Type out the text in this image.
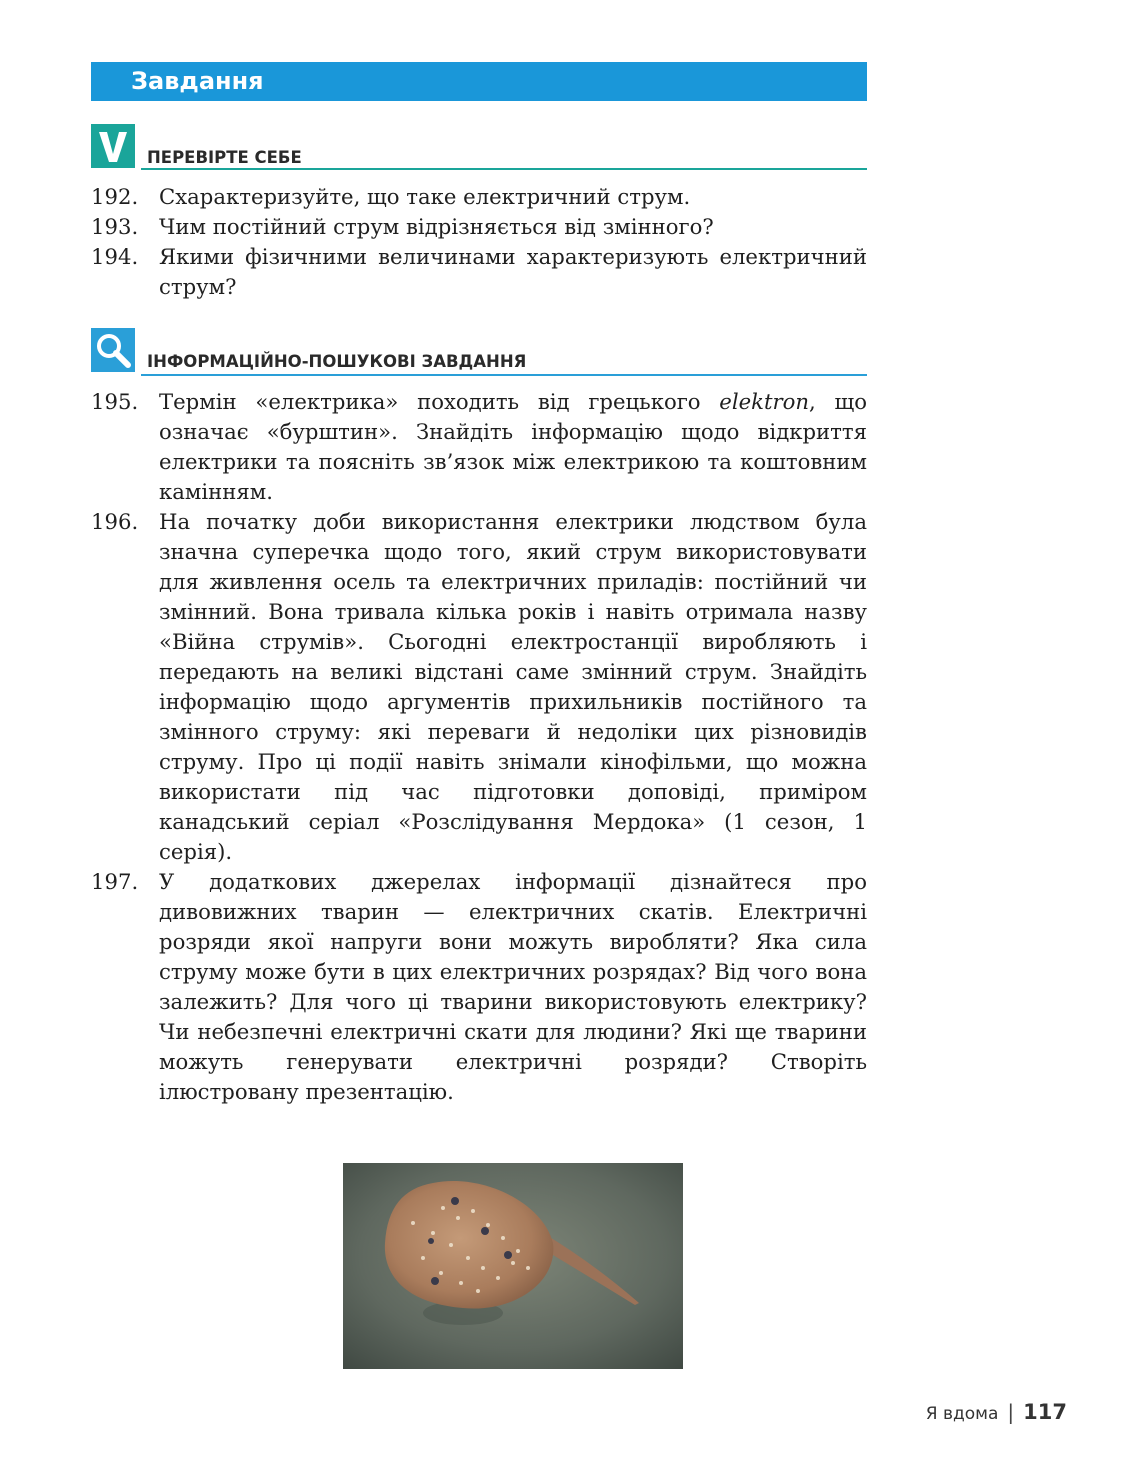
Завдання
ПЕРЕВІРТЕ СЕБЕ
192. Схарактеризуйте, що таке електричний струм.
193. Чим постійний струм відрізняється від змінного?
194. Якими фізичними величинами характеризують електричний струм?
ІНФОРМАЦІЙНО-ПОШУКОВІ ЗАВДАННЯ
195. Термін «електрика» походить від грецького elektron, що означає «бурштин». Знайдіть інформацію щодо відкриття електрики та поясніть зв’язок між електрикою та коштовним камінням.
196. На початку доби використання електрики людством була значна суперечка щодо того, який струм використовувати для живлення осель та електричних приладів: постійний чи змінний. Вона тривала кілька років і навіть отримала назву «Війна струмів». Сьогодні електростанції виробляють і передають на великі відстані саме змінний струм. Знайдіть інформацію щодо аргументів прихильників постійного та змінного струму: які переваги й недоліки цих різновидів струму. Про ці події навіть знімали кінофільми, що можна використати під час підготовки доповіді, приміром канадський серіал «Розслідування Мердока» (1 сезон, 1 серія).
197. У додаткових джерелах інформації дізнайтеся про дивовижних тварин — електричних скатів. Електричні розряди якої напруги вони можуть виробляти? Яка сила струму може бути в цих електричних розрядах? Від чого вона залежить? Для чого ці тварини використовують електрику? Чи небезпечні електричні скати для людини? Які ще тварини можуть генерувати електричні розряди? Створіть ілюстровану презентацію.
Я вдома | 117
